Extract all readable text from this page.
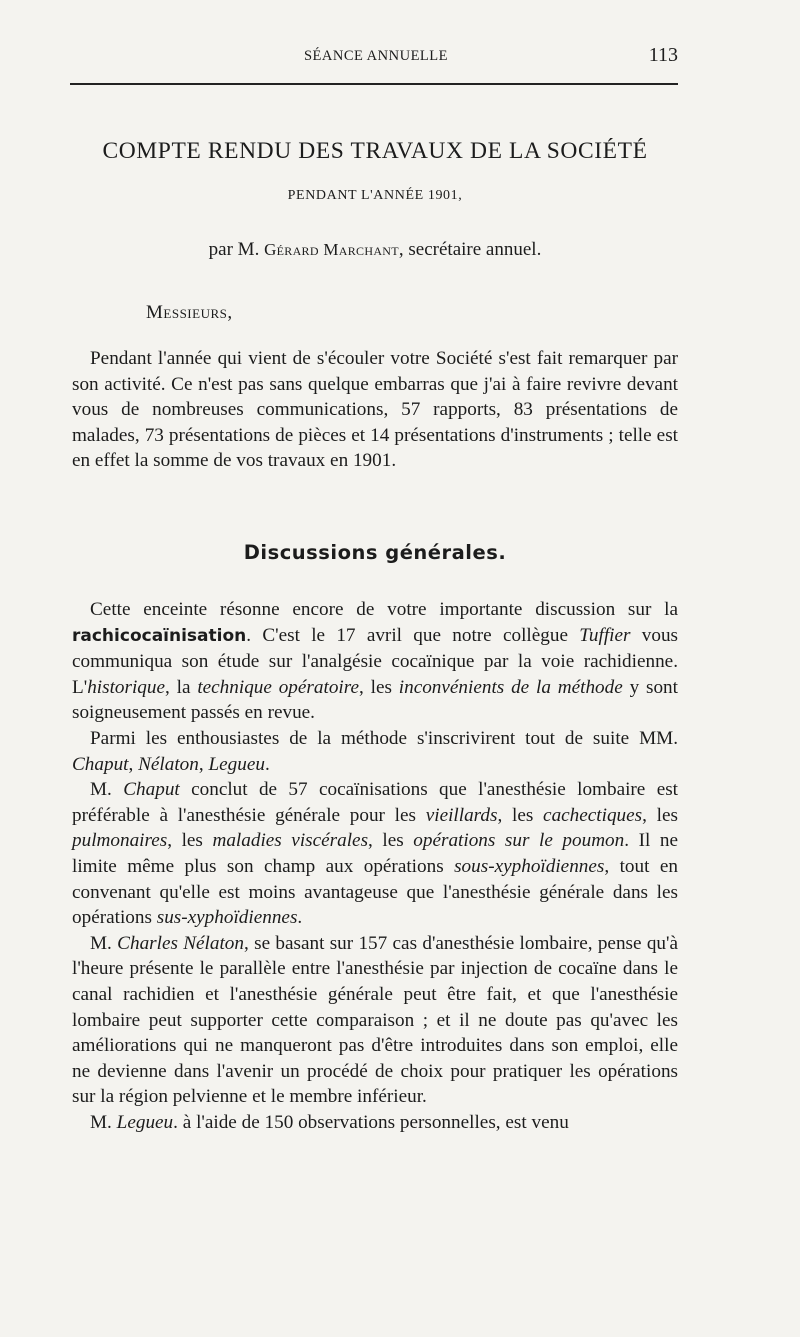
SÉANCE ANNUELLE	113
COMPTE RENDU DES TRAVAUX DE LA SOCIÉTÉ
PENDANT L'ANNÉE 1901,
par M. Gérard Marchant, secrétaire annuel.
Messieurs,

Pendant l'année qui vient de s'écouler votre Société s'est fait remarquer par son activité. Ce n'est pas sans quelque embarras que j'ai à faire revivre devant vous de nombreuses communications, 57 rapports, 83 présentations de malades, 73 présentations de pièces et 14 présentations d'instruments ; telle est en effet la somme de vos travaux en 1901.

Discussions générales.

Cette enceinte résonne encore de votre importante discussion sur la rachicocaïnisation. C'est le 17 avril que notre collègue Tuffier vous communiqua son étude sur l'analgésie cocaïnique par la voie rachidienne. L'historique, la technique opératoire, les inconvénients de la méthode y sont soigneusement passés en revue.

Parmi les enthousiastes de la méthode s'inscrivirent tout de suite MM. Chaput, Nélaton, Legueu.

M. Chaput conclut de 57 cocaïnisations que l'anesthésie lombaire est préférable à l'anesthésie générale pour les vieillards, les cachectiques, les pulmonaires, les maladies viscérales, les opérations sur le poumon. Il ne limite même plus son champ aux opérations sous-xyphoïdiennes, tout en convenant qu'elle est moins avantageuse que l'anesthésie générale dans les opérations sus-xyphoïdiennes.

M. Charles Nélaton, se basant sur 157 cas d'anesthésie lombaire, pense qu'à l'heure présente le parallèle entre l'anesthésie par injection de cocaïne dans le canal rachidien et l'anesthésie générale peut être fait, et que l'anesthésie lombaire peut supporter cette comparaison ; et il ne doute pas qu'avec les améliorations qui ne manqueront pas d'être introduites dans son emploi, elle ne devienne dans l'avenir un procédé de choix pour pratiquer les opérations sur la région pelvienne et le membre inférieur.

M. Legueu. à l'aide de 150 observations personnelles, est venu
